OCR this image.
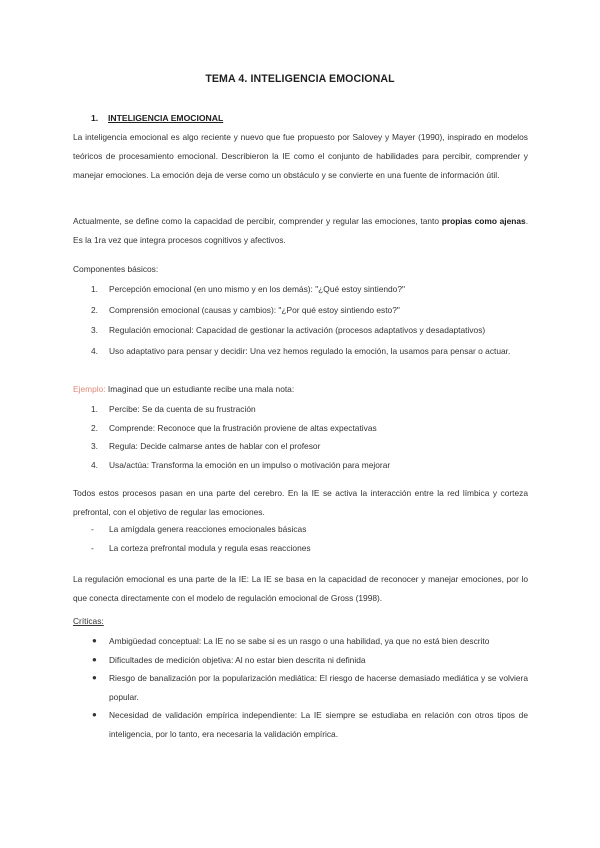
TEMA 4. INTELIGENCIA EMOCIONAL
1. INTELIGENCIA EMOCIONAL
La inteligencia emocional es algo reciente y nuevo que fue propuesto por Salovey y Mayer (1990), inspirado en modelos teóricos de procesamiento emocional. Describieron la IE como el conjunto de habilidades para percibir, comprender y manejar emociones. La emoción deja de verse como un obstáculo y se convierte en una fuente de información útil.
Actualmente, se define como la capacidad de percibir, comprender y regular las emociones, tanto propias como ajenas. Es la 1ra vez que integra procesos cognitivos y afectivos.
Componentes básicos:
1. Percepción emocional (en uno mismo y en los demás): "¿Qué estoy sintiendo?"
2. Comprensión emocional (causas y cambios): "¿Por qué estoy sintiendo esto?"
3. Regulación emocional: Capacidad de gestionar la activación (procesos adaptativos y desadaptativos)
4. Uso adaptativo para pensar y decidir: Una vez hemos regulado la emoción, la usamos para pensar o actuar.
Ejemplo: Imaginad que un estudiante recibe una mala nota:
1. Percibe: Se da cuenta de su frustración
2. Comprende: Reconoce que la frustración proviene de altas expectativas
3. Regula: Decide calmarse antes de hablar con el profesor
4. Usa/actúa: Transforma la emoción en un impulso o motivación para mejorar
Todos estos procesos pasan en una parte del cerebro. En la IE se activa la interacción entre la red límbica y corteza prefrontal, con el objetivo de regular las emociones.
- La amígdala genera reacciones emocionales básicas
- La corteza prefrontal modula y regula esas reacciones
La regulación emocional es una parte de la IE: La IE se basa en la capacidad de reconocer y manejar emociones, por lo que conecta directamente con el modelo de regulación emocional de Gross (1998).
Críticas:
● Ambigüedad conceptual: La IE no se sabe si es un rasgo o una habilidad, ya que no está bien descrito
● Dificultades de medición objetiva: Al no estar bien descrita ni definida
● Riesgo de banalización por la popularización mediática: El riesgo de hacerse demasiado mediática y se volviera popular.
● Necesidad de validación empírica independiente: La IE siempre se estudiaba en relación con otros tipos de inteligencia, por lo tanto, era necesaria la validación empírica.
